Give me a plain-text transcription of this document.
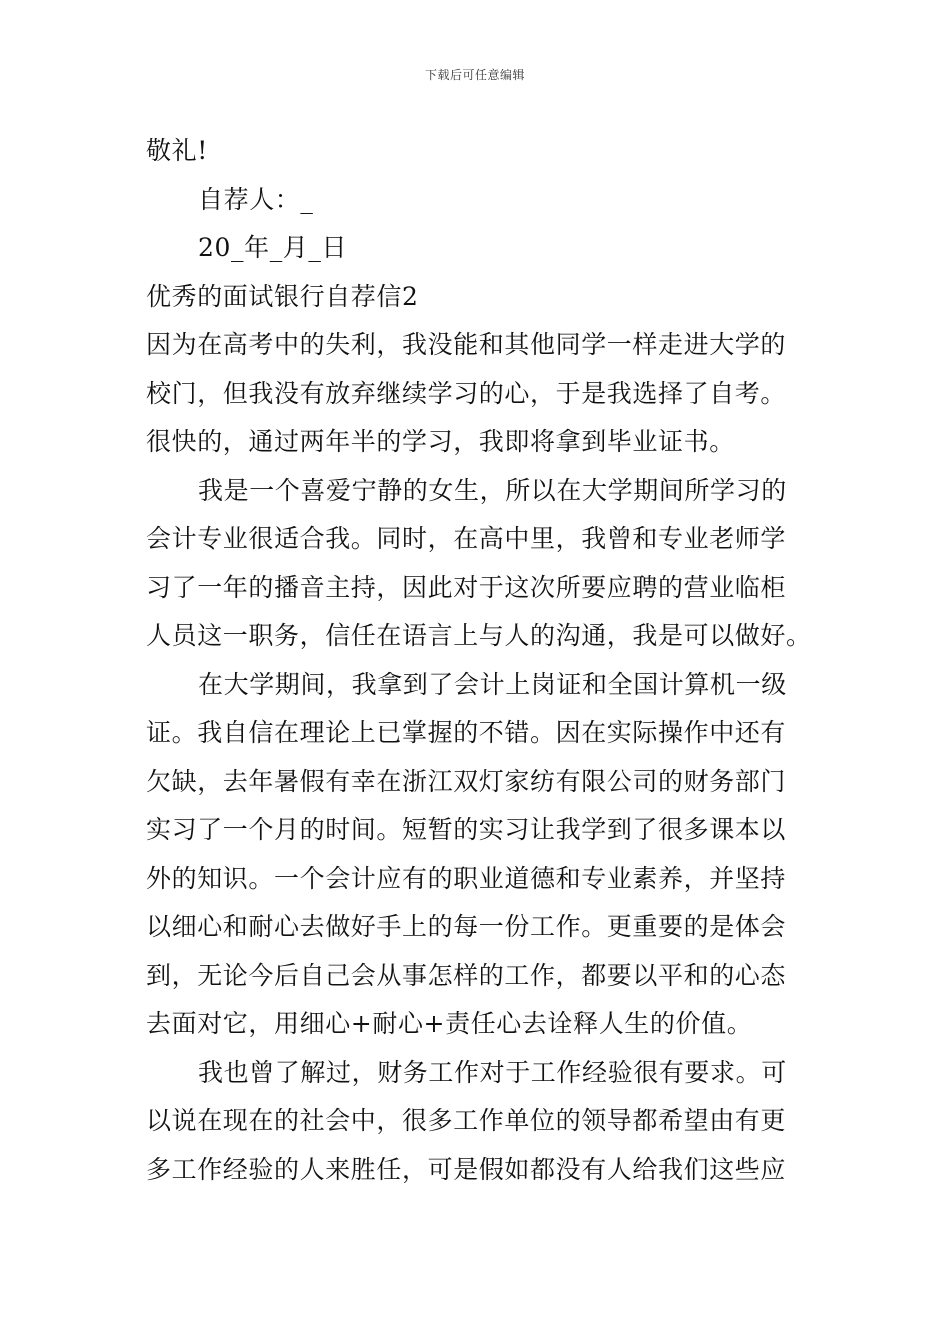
下载后可任意编辑
敬礼!
自荐人：_
20_年_月_日
优秀的面试银行自荐信2
因为在高考中的失利，我没能和其他同学一样走进大学的
校门，但我没有放弃继续学习的心，于是我选择了自考。
很快的，通过两年半的学习，我即将拿到毕业证书。
我是一个喜爱宁静的女生，所以在大学期间所学习的
会计专业很适合我。同时，在高中里，我曾和专业老师学
习了一年的播音主持，因此对于这次所要应聘的营业临柜
人员这一职务，信任在语言上与人的沟通，我是可以做好。
在大学期间，我拿到了会计上岗证和全国计算机一级
证。我自信在理论上已掌握的不错。因在实际操作中还有
欠缺，去年暑假有幸在浙江双灯家纺有限公司的财务部门
实习了一个月的时间。短暂的实习让我学到了很多课本以
外的知识。一个会计应有的职业道德和专业素养，并坚持
以细心和耐心去做好手上的每一份工作。更重要的是体会
到，无论今后自己会从事怎样的工作，都要以平和的心态
去面对它，用细心+耐心+责任心去诠释人生的价值。
我也曾了解过，财务工作对于工作经验很有要求。可
以说在现在的社会中，很多工作单位的领导都希望由有更
多工作经验的人来胜任，可是假如都没有人给我们这些应
